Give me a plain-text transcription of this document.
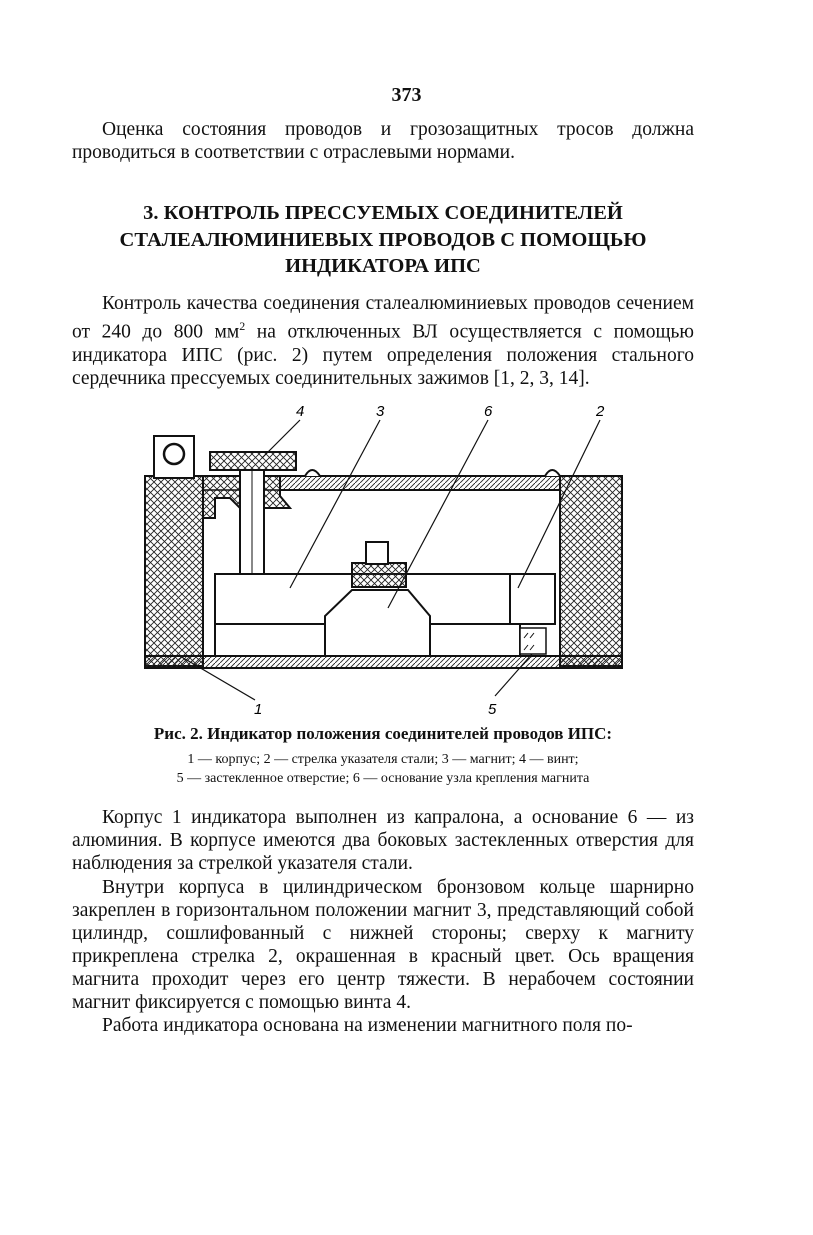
373

Оценка состояния проводов и грозозащитных тросов должна проводиться в соответствии с отраслевыми нормами.

3. КОНТРОЛЬ ПРЕССУЕМЫХ СОЕДИНИТЕЛЕЙ
СТАЛЕАЛЮМИНИЕВЫХ ПРОВОДОВ С ПОМОЩЬЮ
ИНДИКАТОРА ИПС

Контроль качества соединения сталеалюминиевых проводов сечением от 240 до 800 $мм^2$ на отключенных ВЛ осуществляется с помощью индикатора ИПС (рис. 2) путем определения положения стального сердечника прессуемых соединительных зажимов [1, 2, 3, 14].

4	3	6	2
1	5
Рис. 2. Индикатор положения соединителей проводов ИПС:
1 — корпус; 2 — стрелка указателя стали; 3 — магнит; 4 — винт;
5 — застекленное отверстие; 6 — основание узла крепления магнита

Корпус 1 индикатора выполнен из капралона, а основание 6 — из алюминия. В корпусе имеются два боковых застекленных отверстия для наблюдения за стрелкой указателя стали.

Внутри корпуса в цилиндрическом бронзовом кольце шарнирно закреплен в горизонтальном положении магнит 3, представляющий собой цилиндр, сошлифованный с нижней стороны; сверху к магниту прикреплена стрелка 2, окрашенная в красный цвет. Ось вращения магнита проходит через его центр тяжести. В нерабочем состоянии магнит фиксируется с помощью винта 4.

Работа индикатора основана на изменении магнитного поля по-
